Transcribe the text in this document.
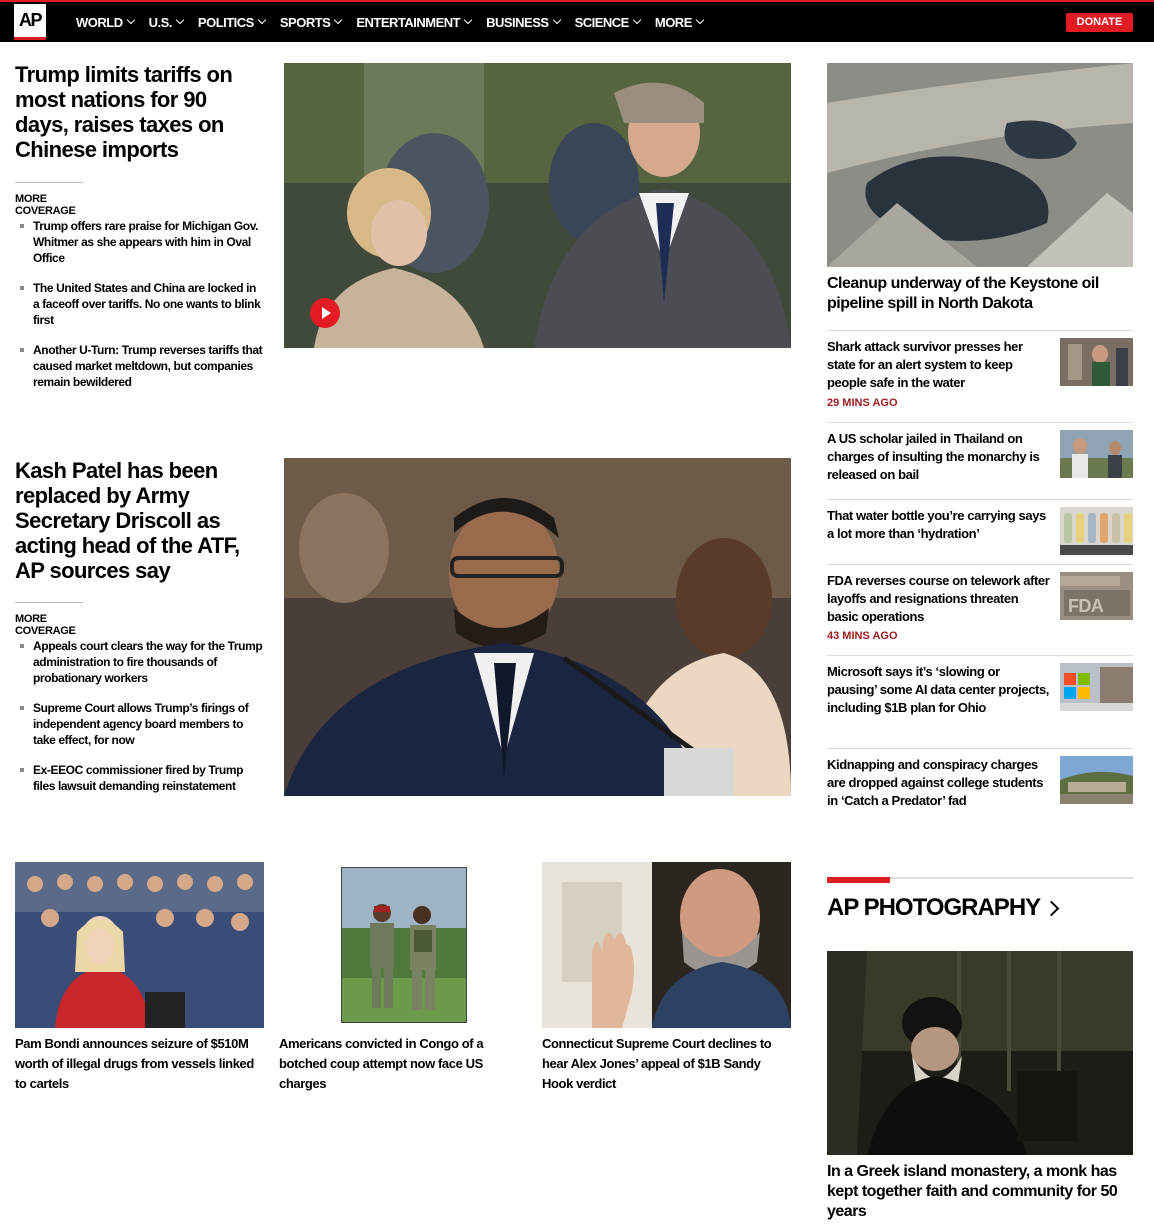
AP	WORLD U.S. POLITICS SPORTS ENTERTAINMENT BUSINESS SCIENCE MORE	DONATE
Trump limits tariffs on most nations for 90 days, raises taxes on Chinese imports
MORE COVERAGE
Trump offers rare praise for Michigan Gov. Whitmer as she appears with him in Oval Office
The United States and China are locked in a faceoff over tariffs. No one wants to blink first
Another U-Turn: Trump reverses tariffs that caused market meltdown, but companies remain bewildered
Kash Patel has been replaced by Army Secretary Driscoll as acting head of the ATF, AP sources say
MORE COVERAGE
Appeals court clears the way for the Trump administration to fire thousands of probationary workers
Supreme Court allows Trump’s firings of independent agency board members to take effect, for now
Ex-EEOC commissioner fired by Trump files lawsuit demanding reinstatement
Cleanup underway of the Keystone oil pipeline spill in North Dakota
Shark attack survivor presses her state for an alert system to keep people safe in the water
29 MINS AGO
A US scholar jailed in Thailand on charges of insulting the monarchy is released on bail
That water bottle you’re carrying says a lot more than ‘hydration’
FDA reverses course on telework after layoffs and resignations threaten basic operations
43 MINS AGO
FDA
Microsoft says it’s ‘slowing or pausing’ some AI data center projects, including $1B plan for Ohio
Kidnapping and conspiracy charges are dropped against college students in ‘Catch a Predator’ fad
Pam Bondi announces seizure of $510M worth of illegal drugs from vessels linked to cartels
Americans convicted in Congo of a botched coup attempt now face US charges
Connecticut Supreme Court declines to hear Alex Jones’ appeal of $1B Sandy Hook verdict
AP PHOTOGRAPHY
In a Greek island monastery, a monk has kept together faith and community for 50 years
